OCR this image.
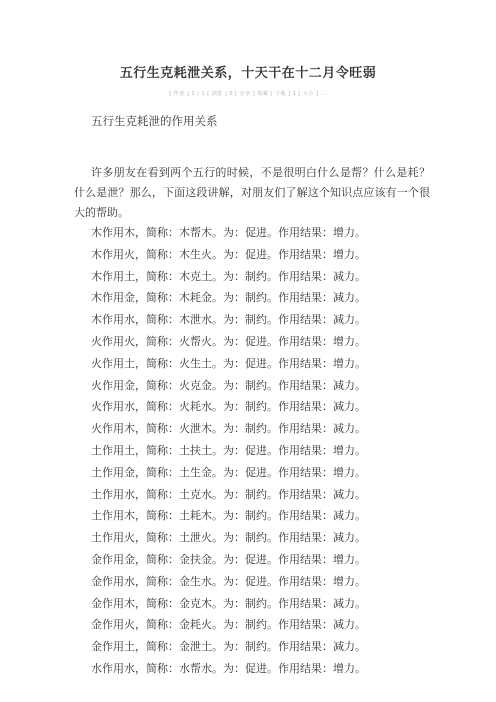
五行生克耗泄关系，十天干在十二月令旺弱
[ 作者 ] 1 / 1 [ 浏览 ] 0 [ 分享 ] 收藏 [ 下载 ] 1 [ 大小 ] ...
五行生克耗泄的作用关系
许多朋友在看到两个五行的时候，不是很明白什么是帮？什么是耗？什么是泄？那么，下面这段讲解，对朋友们了解这个知识点应该有一个很大的帮助。
木作用木，简称：木帮木。为：促进。作用结果：增力。
木作用火，简称：木生火。为：促进。作用结果：增力。
木作用土，简称：木克土。为：制约。作用结果：减力。
木作用金，简称：木耗金。为：制约。作用结果：减力。
木作用水，简称：木泄水。为：制约。作用结果：减力。
火作用火，简称：火帮火。为：促进。作用结果：增力。
火作用土，简称：火生土。为：促进。作用结果：增力。
火作用金，简称：火克金。为：制约。作用结果：减力。
火作用水，简称：火耗水。为：制约。作用结果：减力。
火作用木，简称：火泄木。为：制约。作用结果：减力。
土作用土，简称：土扶土。为：促进。作用结果：增力。
土作用金，简称：土生金。为：促进。作用结果：增力。
土作用水，简称：土克水。为：制约。作用结果：减力。
土作用木，简称：土耗木。为：制约。作用结果：减力。
土作用火，简称：土泄火。为：制约。作用结果：减力。
金作用金，简称：金扶金。为：促进。作用结果：增力。
金作用水，简称：金生水。为：促进。作用结果：增力。
金作用木，简称：金克木。为：制约。作用结果：减力。
金作用火，简称：金耗火。为：制约。作用结果：减力。
金作用土，简称：金泄土。为：制约。作用结果：减力。
水作用水，简称：水帮水。为：促进。作用结果：增力。
